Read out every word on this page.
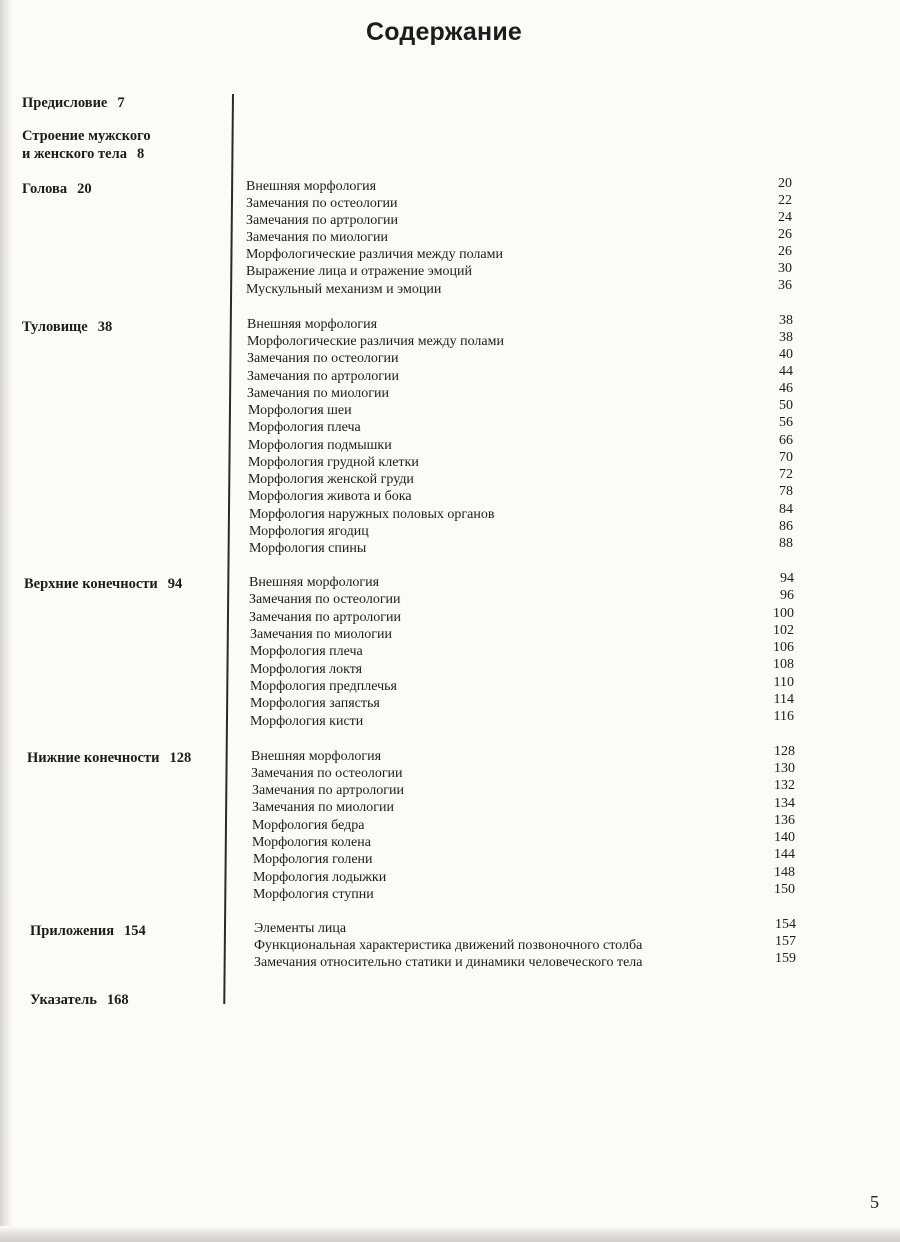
Содержание
Предисловие 7
Строение мужского
и женского тела 8
Голова 20	Внешняя морфология	20
Замечания по остеологии	22
Замечания по артрологии	24
Замечания по миологии	26
Морфологические различия между полами	26
Выражение лица и отражение эмоций	30
Мускульный механизм и эмоции	36
Туловище 38	Внешняя морфология	38
Морфологические различия между полами	38
Замечания по остеологии	40
Замечания по артрологии	44
Замечания по миологии	46
Морфология шеи	50
Морфология плеча	56
Морфология подмышки	66
Морфология грудной клетки	70
Морфология женской груди	72
Морфология живота и бока	78
Морфология наружных половых органов	84
Морфология ягодиц	86
Морфология спины	88
Верхние конечности 94	Внешняя морфология	94
Замечания по остеологии	96
Замечания по артрологии	100
Замечания по миологии	102
Морфология плеча	106
Морфология локтя	108
Морфология предплечья	110
Морфология запястья	114
Морфология кисти	116
Нижние конечности 128	Внешняя морфология	128
Замечания по остеологии	130
Замечания по артрологии	132
Замечания по миологии	134
Морфология бедра	136
Морфология колена	140
Морфология голени	144
Морфология лодыжки	148
Морфология ступни	150
Приложения 154	Элементы лица	154
Функциональная характеристика движений позвоночного столба	157
Замечания относительно статики и динамики человеческого тела	159
Указатель 168
5
